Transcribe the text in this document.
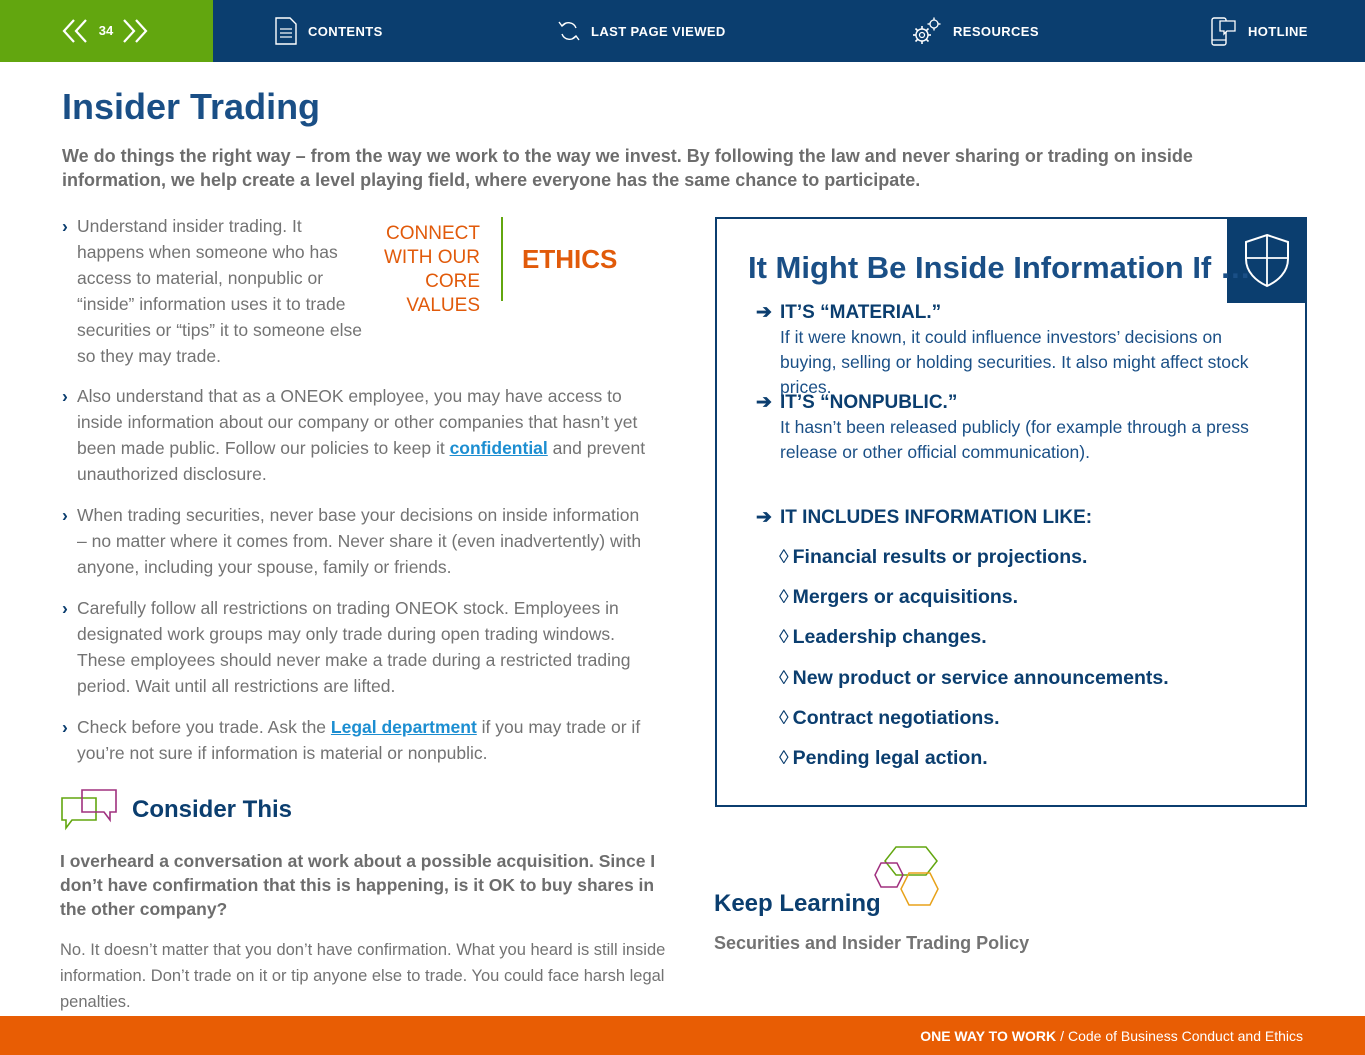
34	CONTENTS	LAST PAGE VIEWED	RESOURCES	HOTLINE
Insider Trading

We do things the right way – from the way we work to the way we invest. By following the law and never sharing or trading on inside information, we help create a level playing field, where everyone has the same chance to participate.

› Understand insider trading. It happens when someone who has access to material, nonpublic or “inside” information uses it to trade securities or “tips” it to someone else so they may trade.
› Also understand that as a ONEOK employee, you may have access to inside information about our company or other companies that hasn’t yet been made public. Follow our policies to keep it confidential and prevent unauthorized disclosure.
› When trading securities, never base your decisions on inside information – no matter where it comes from. Never share it (even inadvertently) with anyone, including your spouse, family or friends.
› Carefully follow all restrictions on trading ONEOK stock. Employees in designated work groups may only trade during open trading windows. These employees should never make a trade during a restricted trading period. Wait until all restrictions are lifted.
› Check before you trade. Ask the Legal department if you may trade or if you’re not sure if information is material or nonpublic.
CONNECT
WITH OUR
CORE VALUES
ETHICS	It Might Be Inside Information If …
➔ IT’S “MATERIAL.”
If it were known, it could influence investors’ decisions on buying, selling or holding securities. It also might affect stock prices.
➔ IT’S “NONPUBLIC.”
It hasn’t been released publicly (for example through a press release or other official communication).
➔ IT INCLUDES INFORMATION LIKE:
◊ Financial results or projections.
◊ Mergers or acquisitions.
◊ Leadership changes.
◊ New product or service announcements.
◊ Contract negotiations.
◊ Pending legal action.
Consider This

I overheard a conversation at work about a possible acquisition. Since I don’t have confirmation that this is happening, is it OK to buy shares in the other company?

No. It doesn’t matter that you don’t have confirmation. What you heard is still inside information. Don’t trade on it or tip anyone else to trade. You could face harsh legal penalties.

Keep Learning
Securities and Insider Trading Policy
ONE WAY TO WORK / Code of Business Conduct and Ethics
